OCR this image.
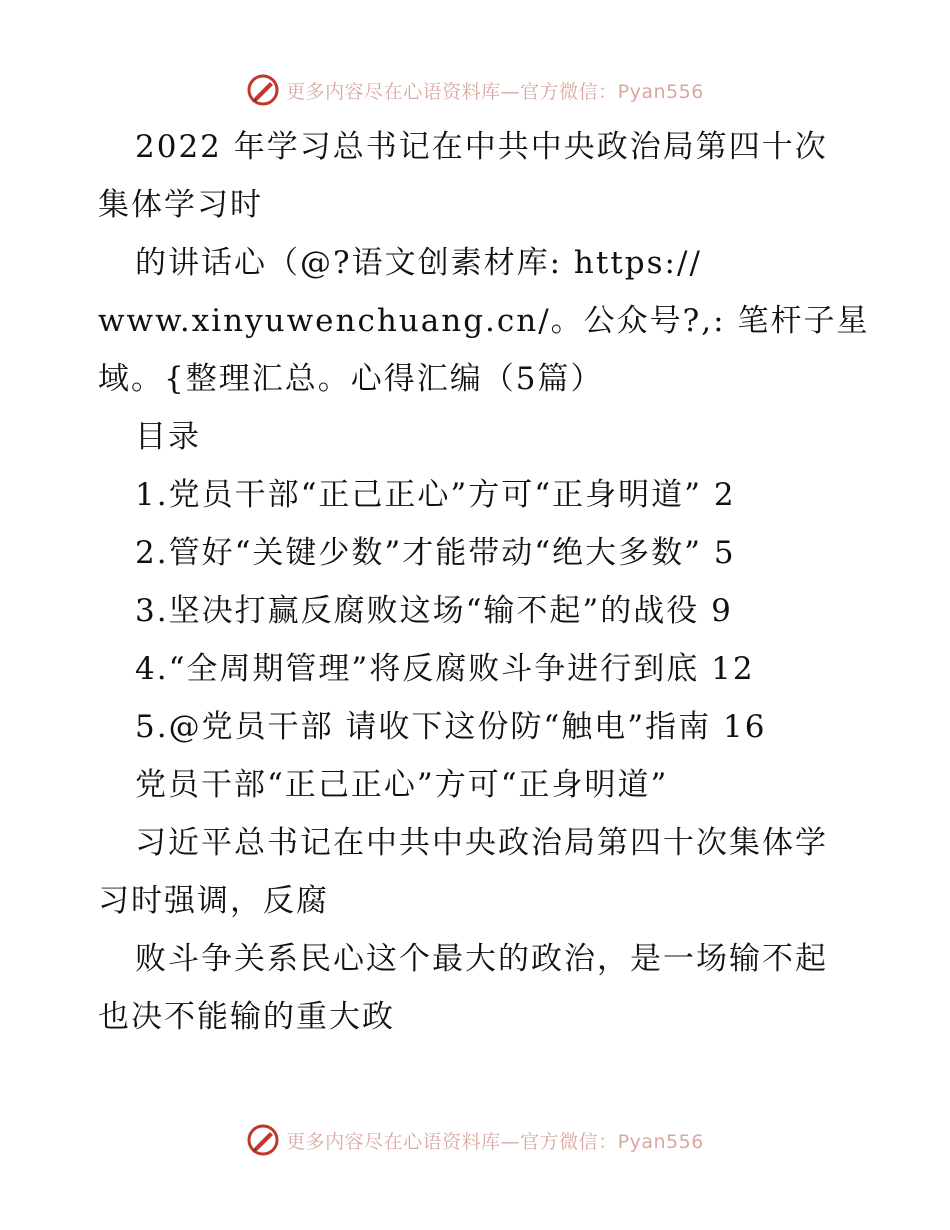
更多内容尽在心语资料库—官方微信：Pyan556
2022 年学习总书记在中共中央政治局第四十次
集体学习时
的讲话心（@?语文创素材库: https://
www.xinyuwenchuang.cn/。公众号?,: 笔杆子星
域。{整理汇总。心得汇编（5篇）
目录
1.党员干部“正己正心”方可“正身明道” 2
2.管好“关键少数”才能带动“绝大多数” 5
3.坚决打赢反腐败这场“输不起”的战役 9
4.“全周期管理”将反腐败斗争进行到底 12
5.@党员干部 请收下这份防“触电”指南 16
党员干部“正己正心”方可“正身明道”
习近平总书记在中共中央政治局第四十次集体学
习时强调，反腐
败斗争关系民心这个最大的政治，是一场输不起
也决不能输的重大政
更多内容尽在心语资料库—官方微信：Pyan556
